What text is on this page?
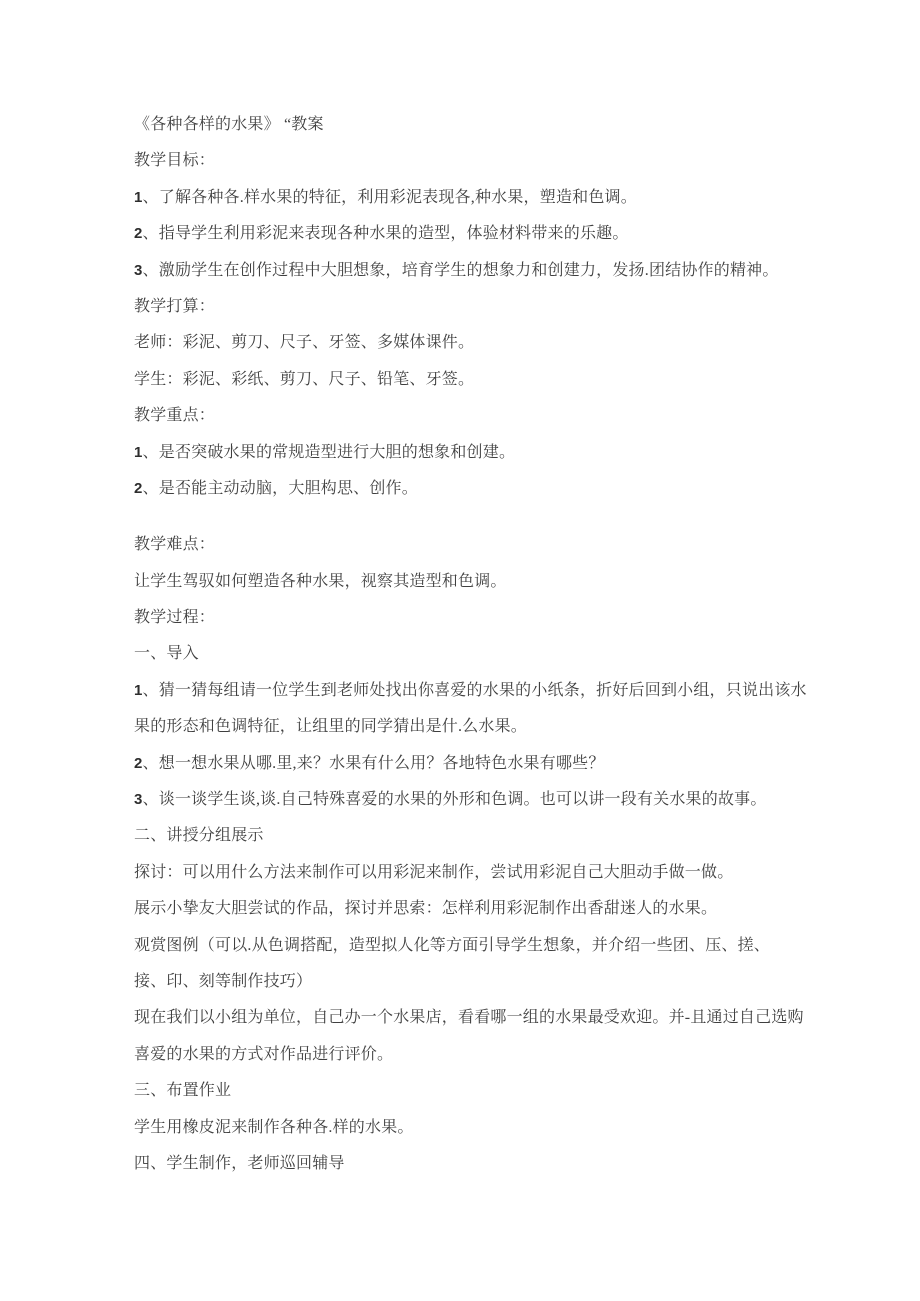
《各种各样的水果》 “教案

教学目标：

1、了解各种各.样水果的特征，利用彩泥表现各,种水果，塑造和色调。

2、指导学生利用彩泥来表现各种水果的造型，体验材料带来的乐趣。

3、激励学生在创作过程中大胆想象，培育学生的想象力和创建力，发扬.团结协作的精神。

教学打算：

老师：彩泥、剪刀、尺子、牙签、多媒体课件。

学生：彩泥、彩纸、剪刀、尺子、铅笔、牙签。

教学重点：

1、是否突破水果的常规造型进行大胆的想象和创建。

2、是否能主动动脑，大胆构思、创作。

教学难点：

让学生驾驭如何塑造各种水果，视察其造型和色调。

教学过程：

一、导入

1、猜一猜每组请一位学生到老师处找出你喜爱的水果的小纸条，折好后回到小组，只说出该水

果的形态和色调特征，让组里的同学猜出是什.么水果。

2、想一想水果从哪.里,来？水果有什么用？各地特色水果有哪些？

3、谈一谈学生谈,谈.自己特殊喜爱的水果的外形和色调。也可以讲一段有关水果的故事。

二、讲授分组展示

探讨：可以用什么方法来制作可以用彩泥来制作，尝试用彩泥自己大胆动手做一做。

展示小挚友大胆尝试的作品，探讨并思索：怎样利用彩泥制作出香甜迷人的水果。

观赏图例（可以.从色调搭配，造型拟人化等方面引导学生想象，并介绍一些团、压、搓、

接、印、刻等制作技巧）

现在我们以小组为单位，自己办一个水果店，看看哪一组的水果最受欢迎。并-且通过自己选购

喜爱的水果的方式对作品进行评价。

三、布置作业

学生用橡皮泥来制作各种各.样的水果。

四、学生制作，老师巡回辅导
